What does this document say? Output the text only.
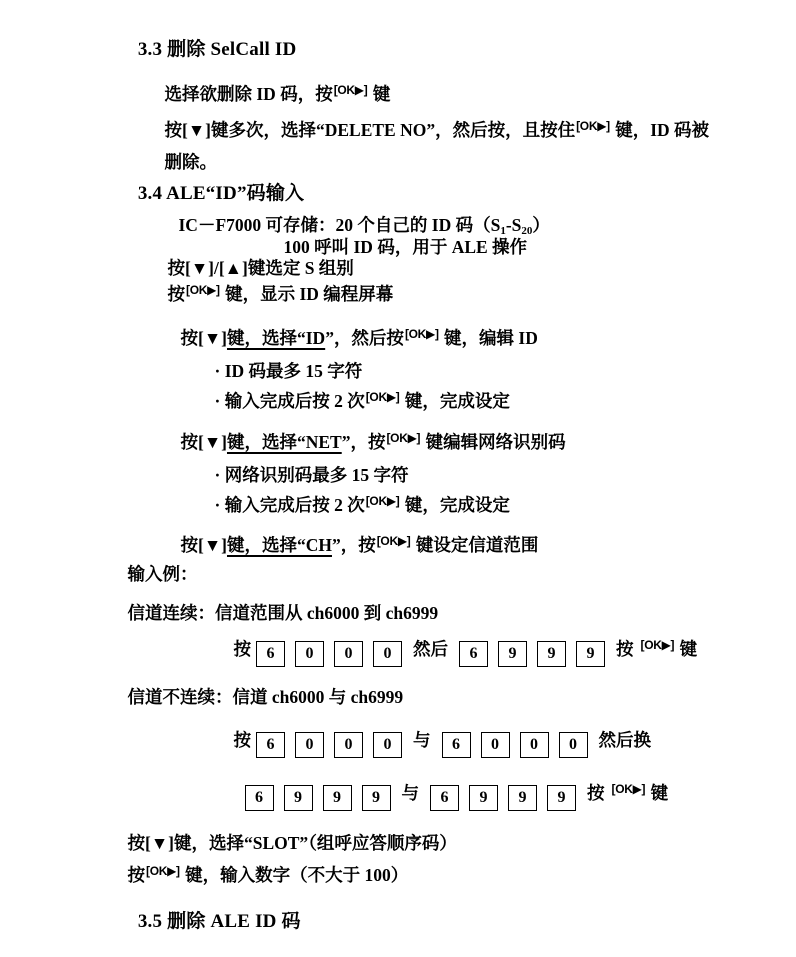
3.3 删除 SelCall ID

选择欲删除 ID 码，按[OK▶] 键

按[▼]键多次，选择“DELETE NO”，然后按，且按住[OK▶] 键，ID 码被

删除。

3.4 ALE“ID”码输入

IC－F7000 可存储：20 个自己的 ID 码（S1-S20）

100 呼叫 ID 码，用于 ALE 操作

按[▼]/[▲]键选定 S 组别

按[OK▶] 键，显示 ID 编程屏幕

按[▼]键，选择“ID”，然后按[OK▶] 键，编辑 ID

· ID 码最多 15 字符

· 输入完成后按 2 次[OK▶] 键，完成设定

按[▼]键，选择“NET”，按[OK▶] 键编辑网络识别码

· 网络识别码最多 15 字符

· 输入完成后按 2 次[OK▶] 键，完成设定

按[▼]键，选择“CH”，按[OK▶] 键设定信道范围

输入例：

信道连续：信道范围从 ch6000 到 ch6999

按 6 0 0 0 然后 6 9 9 9 按 [OK▶] 键

信道不连续：信道 ch6000 与 ch6999

按 6 0 0 0 与 6 0 0 0 然后换

6 9 9 9 与 6 9 9 9 按 [OK▶] 键

按[▼]键，选择“SLOT”（组呼应答顺序码）

按[OK▶] 键，输入数字（不大于 100）

3.5 删除 ALE ID 码
